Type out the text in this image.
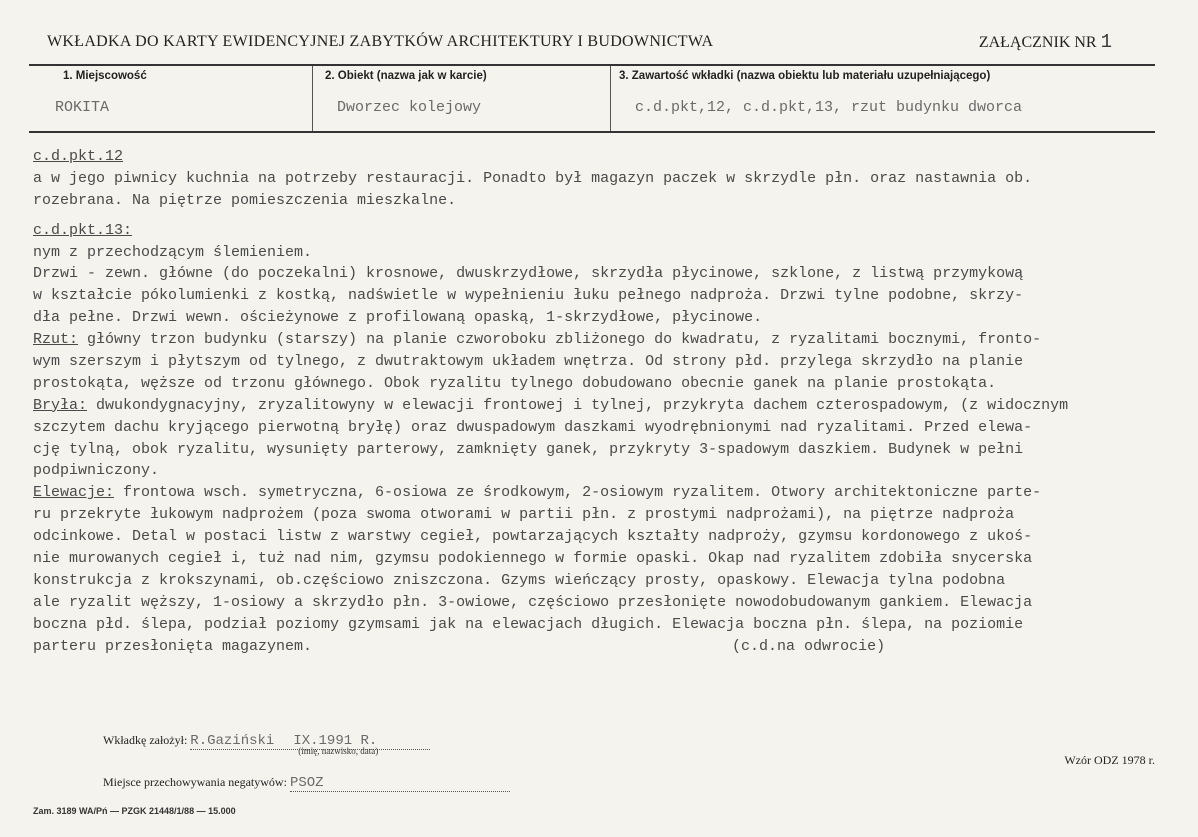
WKŁADKA DO KARTY EWIDENCYJNEJ ZABYTKÓW ARCHITEKTURY I BUDOWNICTWA	ZAŁĄCZNIK NR 1
1. Miejscowość
ROKITA
2. Obiekt (nazwa jak w karcie)
Dworzec kolejowy
3. Zawartość wkładki (nazwa obiektu lub materiału uzupełniającego)
c.d.pkt,12, c.d.pkt,13, rzut budynku dworca
c.d.pkt.12
a w jego piwnicy kuchnia na potrzeby restauracji. Ponadto był magazyn paczek w skrzydle płn. oraz nastawnia ob.
rozebrana. Na piętrze pomieszczenia mieszkalne.
c.d.pkt.13:
nym z przechodzącym ślemieniem.
Drzwi - zewn. główne (do poczekalni) krosnowe, dwuskrzydłowe, skrzydła płycinowe, szklone, z listwą przymykową
w kształcie pókolumienki z kostką, nadświetle w wypełnieniu łuku pełnego nadproża. Drzwi tylne podobne, skrzy-
dła pełne. Drzwi wewn. ościeżynowe z profilowaną opaską, 1-skrzydłowe, płycinowe.
Rzut: główny trzon budynku (starszy) na planie czworoboku zbliżonego do kwadratu, z ryzalitami bocznymi, fronto-
wym szerszym i płytszym od tylnego, z dwutraktowym układem wnętrza. Od strony płd. przylega skrzydło na planie
prostokąta, węższe od trzonu głównego. Obok ryzalitu tylnego dobudowano obecnie ganek na planie prostokąta.
Bryła: dwukondygnacyjny, zryzalitowyny w elewacji frontowej i tylnej, przykryta dachem czterospadowym, (z widocznym
szczytem dachu kryjącego pierwotną bryłę) oraz dwuspadowym daszkami wyodrębnionymi nad ryzalitami. Przed elewa-
cję tylną, obok ryzalitu, wysunięty parterowy, zamknięty ganek, przykryty 3-spadowym daszkiem. Budynek w pełni
podpiwniczony.
Elewacje: frontowa wsch. symetryczna, 6-osiowa ze środkowym, 2-osiowym ryzalitem. Otwory architektoniczne parte-
ru przekryte łukowym nadprożem (poza swoma otworami w partii płn. z prostymi nadprożami), na piętrze nadproża
odcinkowe. Detal w postaci listw z warstwy cegieł, powtarzających kształty nadproży, gzymsu kordonowego z ukoś-
nie murowanych cegieł i, tuż nad nim, gzymsu podokiennego w formie opaski. Okap nad ryzalitem zdobiła snycerska
konstrukcja z krokszynami, ob.częściowo zniszczona. Gzyms wieńczący prosty, opaskowy. Elewacja tylna podobna
ale ryzalit węższy, 1-osiowy a skrzydło płn. 3-owiowe, częściowo przesłonięte nowodobudowanym gankiem. Elewacja
boczna płd. ślepa, podział poziomy gzymsami jak na elewacjach długich. Elewacja boczna płn. ślepa, na poziomie
parteru przesłonięta magazynem.	(c.d.na odwrocie)
Wkładkę założył: R.Gaziński IX.1991 R.
(imię, nazwisko, data)
Wzór ODZ 1978 r.
Miejsce przechowywania negatywów: PSOZ
Zam. 3189 WA/Pń — PZGK 21448/1/88 — 15.000
